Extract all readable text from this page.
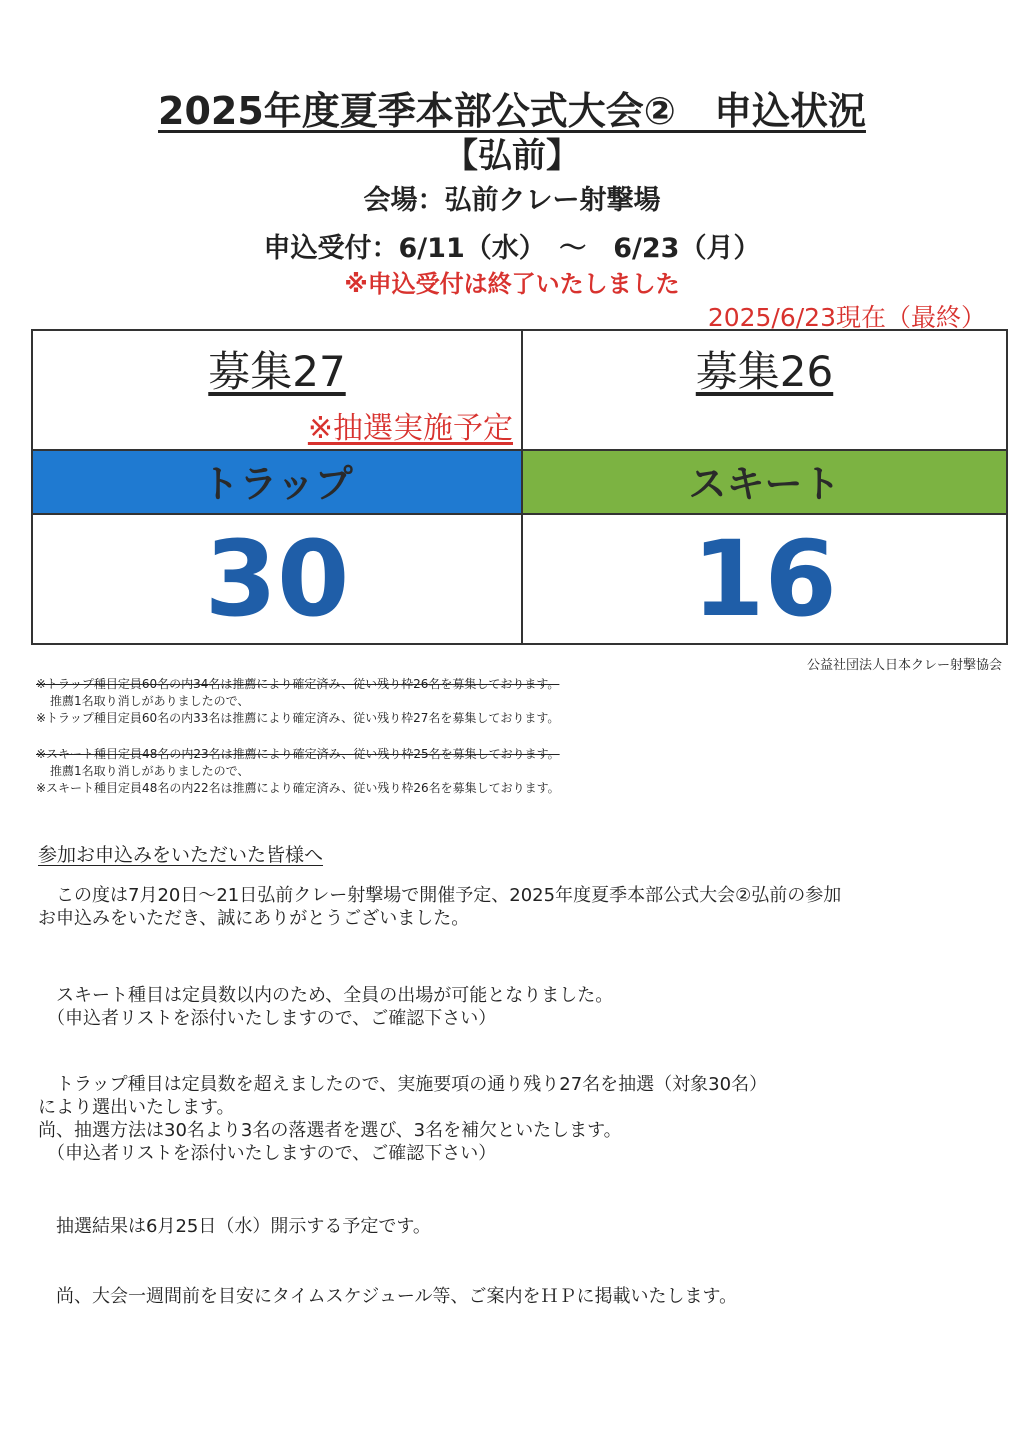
2025年度夏季本部公式大会②　申込状況
【弘前】
会場：弘前クレー射撃場
申込受付：6/11（水）　～　6/23（月）
※申込受付は終了いたしました
2025/6/23現在（最終）
募集27
※抽選実施予定
トラップ
30
募集26
スキート
16
公益社団法人日本クレー射撃協会
※トラップ種目定員60名の内34名は推薦により確定済み、従い残り枠26名を募集しております。
推薦1名取り消しがありましたので、
※トラップ種目定員60名の内33名は推薦により確定済み、従い残り枠27名を募集しております。
※スキート種目定員48名の内23名は推薦により確定済み、従い残り枠25名を募集しております。
推薦1名取り消しがありましたので、
※スキート種目定員48名の内22名は推薦により確定済み、従い残り枠26名を募集しております。
参加お申込みをいただいた皆様へ
　この度は7月20日～21日弘前クレー射撃場で開催予定、2025年度夏季本部公式大会②弘前の参加
お申込みをいただき、誠にありがとうございました。
　スキート種目は定員数以内のため、全員の出場が可能となりました。
　（申込者リストを添付いたしますので、ご確認下さい）
　トラップ種目は定員数を超えましたので、実施要項の通り残り27名を抽選（対象30名）
により選出いたします。
尚、抽選方法は30名より3名の落選者を選び、3名を補欠といたします。
　（申込者リストを添付いたしますので、ご確認下さい）
　抽選結果は6月25日（水）開示する予定です。
　尚、大会一週間前を目安にタイムスケジュール等、ご案内をＨＰに掲載いたします。
